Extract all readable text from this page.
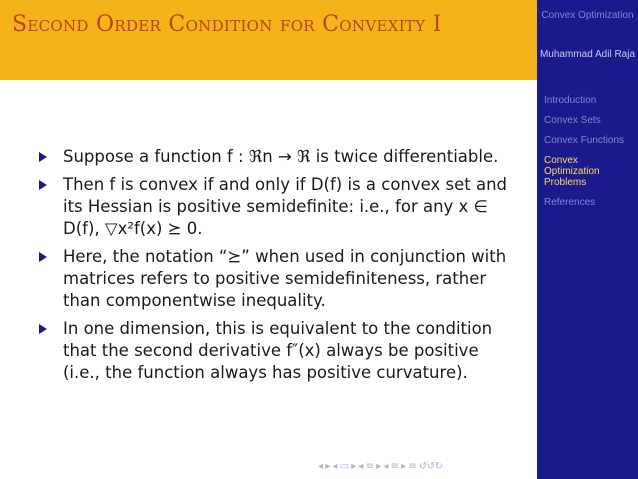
Second Order Condition for Convexity I	Convex Optimization
Muhammad Adil Raja
Introduction
Convex Sets
Convex Functions
Convex Optimization Problems
References
Suppose a function f : ℜn → ℜ is twice differentiable.
Then f is convex if and only if D(f) is a convex set and its Hessian is positive semidefinite: i.e., for any x ∈ D(f), ▽x²f(x) ⪰ 0.
Here, the notation “⪰” when used in conjunction with matrices refers to positive semidefiniteness, rather than componentwise inequality.
In one dimension, this is equivalent to the condition that the second derivative f″(x) always be positive (i.e., the function always has positive curvature).
◂ ▸ ◂ ▭ ▸ ◂ ≡ ▸ ◂ ≡ ▸ ≡ ↺↺↻
